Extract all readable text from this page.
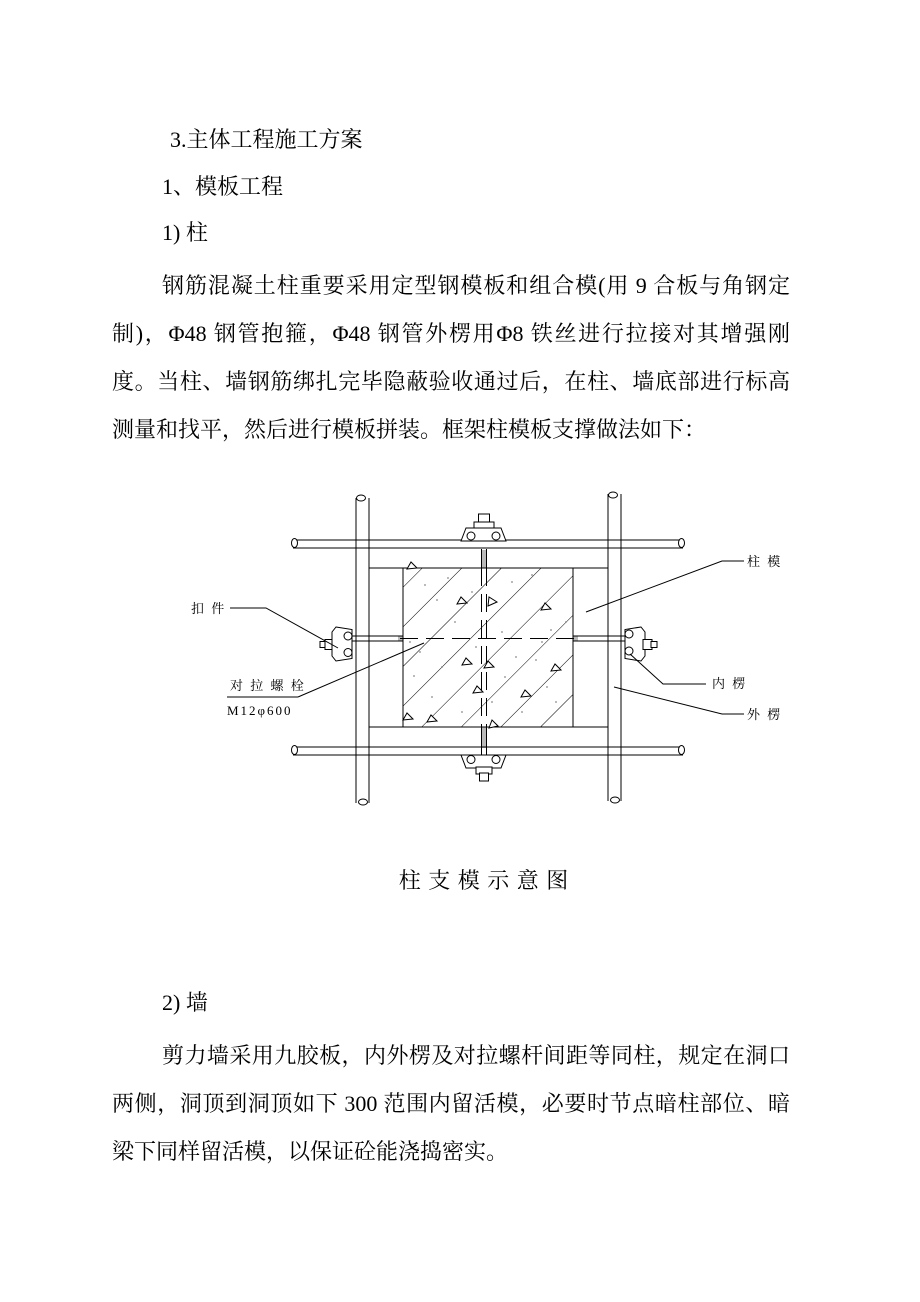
3.主体工程施工方案
1、模板工程
1) 柱
钢筋混凝土柱重要采用定型钢模板和组合模(用 9 合板与角钢定
制)，Φ48 钢管抱箍，Φ48 钢管外楞用Φ8 铁丝进行拉接对其增强刚
度。当柱、墙钢筋绑扎完毕隐蔽验收通过后，在柱、墙底部进行标高
测量和找平，然后进行模板拼装。框架柱模板支撑做法如下：
扣 件
对 拉 螺 栓
M12φ600
柱 模
内 楞
外 楞
柱 支 模 示 意 图
2) 墙
剪力墙采用九胶板，内外楞及对拉螺杆间距等同柱，规定在洞口
两侧，洞顶到洞顶如下 300 范围内留活模，必要时节点暗柱部位、暗
梁下同样留活模，以保证砼能浇捣密实。
